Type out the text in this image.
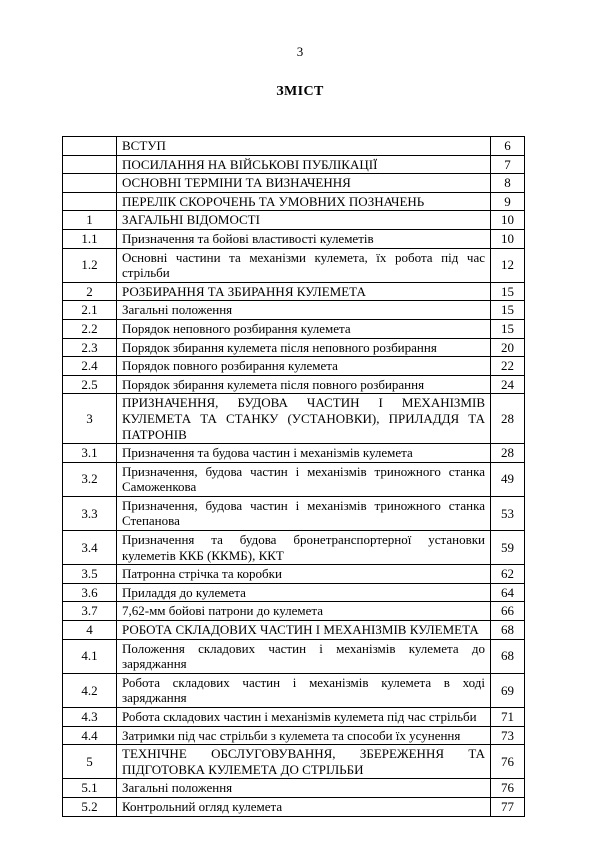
3
ЗМІСТ
	ВСТУП	6
	ПОСИЛАННЯ НА ВІЙСЬКОВІ ПУБЛІКАЦІЇ	7
	ОСНОВНІ ТЕРМІНИ ТА ВИЗНАЧЕННЯ	8
	ПЕРЕЛІК СКОРОЧЕНЬ ТА УМОВНИХ ПОЗНАЧЕНЬ	9
1	ЗАГАЛЬНІ ВІДОМОСТІ	10
1.1	Призначення та бойові властивості кулеметів	10
1.2	Основні частини та механізми кулемета, їх робота під час стрільби	12
2	РОЗБИРАННЯ ТА ЗБИРАННЯ КУЛЕМЕТА	15
2.1	Загальні положення	15
2.2	Порядок неповного розбирання кулемета	15
2.3	Порядок збирання кулемета після неповного розбирання	20
2.4	Порядок повного розбирання кулемета	22
2.5	Порядок збирання кулемета після повного розбирання	24
3	ПРИЗНАЧЕННЯ, БУДОВА ЧАСТИН І МЕХАНІЗМІВ КУЛЕМЕТА ТА СТАНКУ (УСТАНОВКИ), ПРИЛАДДЯ ТА ПАТРОНІВ	28
3.1	Призначення та будова частин і механізмів кулемета	28
3.2	Призначення, будова частин і механізмів триножного станка Саможенкова	49
3.3	Призначення, будова частин і механізмів триножного станка Степанова	53
3.4	Призначення та будова бронетранспортерної установки кулеметів ККБ (ККМБ), ККТ	59
3.5	Патронна стрічка та коробки	62
3.6	Приладдя до кулемета	64
3.7	7,62-мм бойові патрони до кулемета	66
4	РОБОТА СКЛАДОВИХ ЧАСТИН І МЕХАНІЗМІВ КУЛЕМЕТА	68
4.1	Положення складових частин і механізмів кулемета до заряджання	68
4.2	Робота складових частин і механізмів кулемета в ході заряджання	69
4.3	Робота складових частин і механізмів кулемета під час стрільби	71
4.4	Затримки під час стрільби з кулемета та способи їх усунення	73
5	ТЕХНІЧНЕ ОБСЛУГОВУВАННЯ, ЗБЕРЕЖЕННЯ ТА ПІДГОТОВКА КУЛЕМЕТА ДО СТРІЛЬБИ	76
5.1	Загальні положення	76
5.2	Контрольний огляд кулемета	77
